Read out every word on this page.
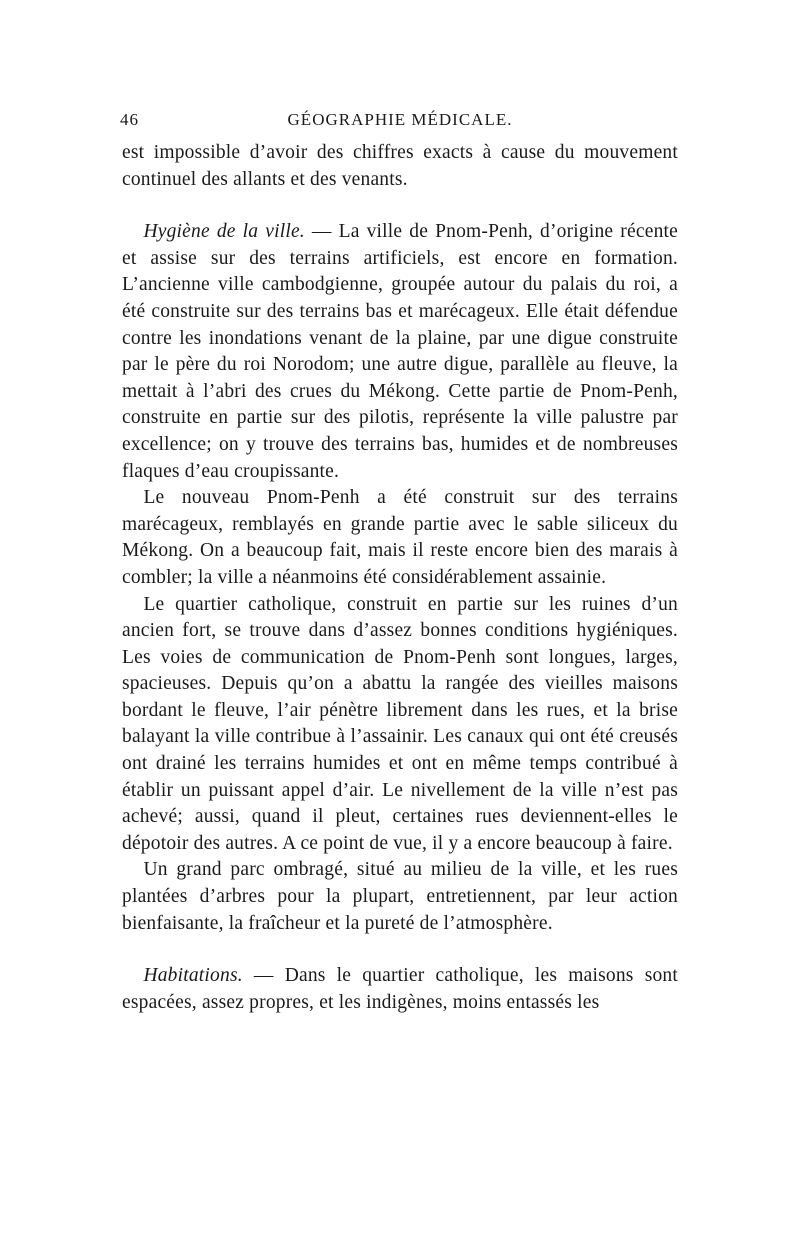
46	GÉOGRAPHIE MÉDICALE.

est impossible d’avoir des chiffres exacts à cause du mouvement continuel des allants et des venants.

Hygiène de la ville. — La ville de Pnom-Penh, d’origine récente et assise sur des terrains artificiels, est encore en formation. L’ancienne ville cambodgienne, groupée autour du palais du roi, a été construite sur des terrains bas et marécageux. Elle était défendue contre les inondations venant de la plaine, par une digue construite par le père du roi Norodom; une autre digue, parallèle au fleuve, la mettait à l’abri des crues du Mékong. Cette partie de Pnom-Penh, construite en partie sur des pilotis, représente la ville palustre par excellence; on y trouve des terrains bas, humides et de nombreuses flaques d’eau croupissante.

Le nouveau Pnom-Penh a été construit sur des terrains marécageux, remblayés en grande partie avec le sable siliceux du Mékong. On a beaucoup fait, mais il reste encore bien des marais à combler; la ville a néanmoins été considérablement assainie.

Le quartier catholique, construit en partie sur les ruines d’un ancien fort, se trouve dans d’assez bonnes conditions hygiéniques. Les voies de communication de Pnom-Penh sont longues, larges, spacieuses. Depuis qu’on a abattu la rangée des vieilles maisons bordant le fleuve, l’air pénètre librement dans les rues, et la brise balayant la ville contribue à l’assainir. Les canaux qui ont été creusés ont drainé les terrains humides et ont en même temps contribué à établir un puissant appel d’air. Le nivellement de la ville n’est pas achevé; aussi, quand il pleut, certaines rues deviennent-elles le dépotoir des autres. A ce point de vue, il y a encore beaucoup à faire.

Un grand parc ombragé, situé au milieu de la ville, et les rues plantées d’arbres pour la plupart, entretiennent, par leur action bienfaisante, la fraîcheur et la pureté de l’atmosphère.

Habitations. — Dans le quartier catholique, les maisons sont espacées, assez propres, et les indigènes, moins entassés les
